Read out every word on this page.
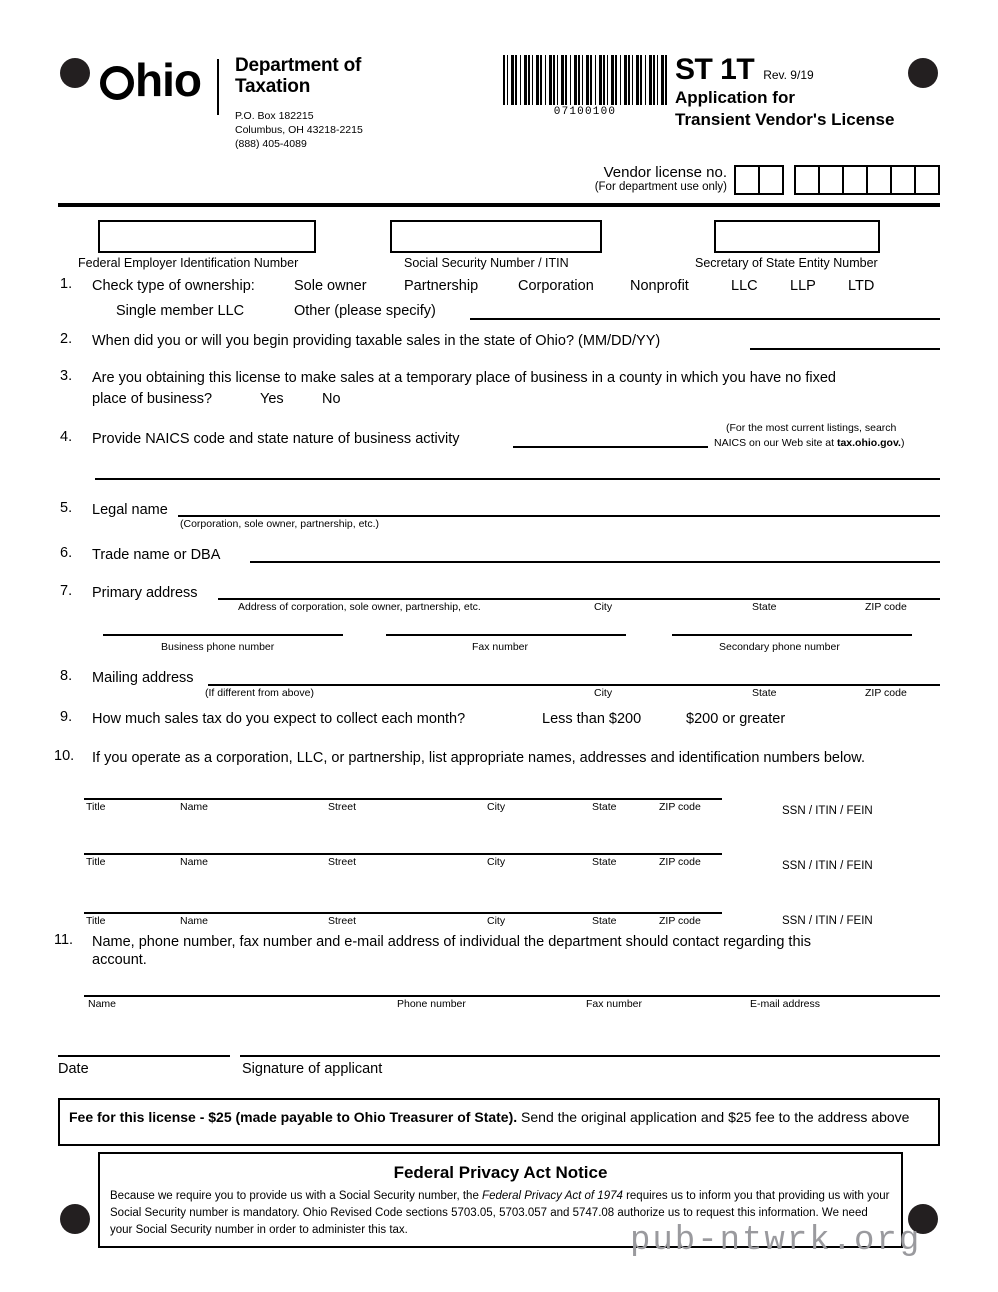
hio Department of
Taxation
P.O. Box 182215
Columbus, OH 43218-2215
(888) 405-4089
07100100
ST 1T Rev. 9/19
Application for
Transient Vendor's License
Vendor license no.
(For department use only)
Federal Employer Identification Number	Social Security Number / ITIN	Secretary of State Entity Number
1. Check type of ownership:	Sole owner	Partnership	Corporation Nonprofit	LLC LLP LTD
Single member LLC	Other (please specify)
2. When did you or will you begin providing taxable sales in the state of Ohio? (MM/DD/YY)
3. Are you obtaining this license to make sales at a temporary place of business in a county in which you have no fixed
place of business?	Yes	No
4. Provide NAICS code and state nature of business activity
(For the most current listings, search
NAICS on our Web site at tax.ohio.gov.)
5. Legal name
(Corporation, sole owner, partnership, etc.)
6. Trade name or DBA
7. Primary address
Address of corporation, sole owner, partnership, etc.	City	State	ZIP code
Business phone number	Fax number	Secondary phone number
8. Mailing address
(If different from above)	City	State	ZIP code
9. How much sales tax do you expect to collect each month?	Less than $200	$200 or greater
10. If you operate as a corporation, LLC, or partnership, list appropriate names, addresses and identification numbers below.
Title	Name	Street	City	State	ZIP code	SSN / ITIN / FEIN
Title	Name	Street	City	State	ZIP code	SSN / ITIN / FEIN
Title	Name	Street	City	State	ZIP code	SSN / ITIN / FEIN
11. Name, phone number, fax number and e-mail address of individual the department should contact regarding this
account.
Name	Phone number	Fax number	E-mail address
Date	Signature of applicant
Fee for this license - $25 (made payable to Ohio Treasurer of State). Send the original application and $25 fee to the address above
Federal Privacy Act Notice
Because we require you to provide us with a Social Security number, the Federal Privacy Act of 1974 requires us to inform you that providing us with your Social Security number is mandatory. Ohio Revised Code sections 5703.05, 5703.057 and 5747.08 authorize us to request this information. We need your Social Security number in order to administer this tax.	pub-ntwrk.org
